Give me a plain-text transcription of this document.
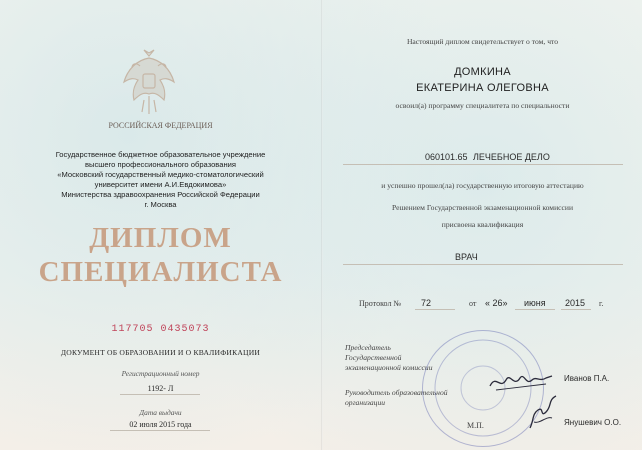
РОССИЙСКАЯ ФЕДЕРАЦИЯ
Государственное бюджетное образовательное учреждение
высшего профессионального образования
«Московский государственный медико-стоматологический
университет имени А.И.Евдокимова»
Министерства здравоохранения Российской Федерации
г. Москва
ДИПЛОМ
СПЕЦИАЛИСТА
117705 0435073
ДОКУМЕНТ ОБ ОБРАЗОВАНИИ И О КВАЛИФИКАЦИИ
Регистрационный номер
1192- Л
Дата выдачи
02 июля 2015 года
Настоящий диплом свидетельствует о том, что
ДОМКИНА
ЕКАТЕРИНА ОЛЕГОВНА
освоил(а) программу специалитета по специальности
060101.65 ЛЕЧЕБНОЕ ДЕЛО
и успешно прошел(ла) государственную итоговую аттестацию
Решением Государственной экзаменационной комиссии
присвоена квалификация
ВРАЧ
Протокол № 72	от « 26» июня 2015 г.
Председатель
Государственной
экзаменационной комиссии
Иванов П.А.
Руководитель образовательной
организации
Янушевич О.О.
М.П.
